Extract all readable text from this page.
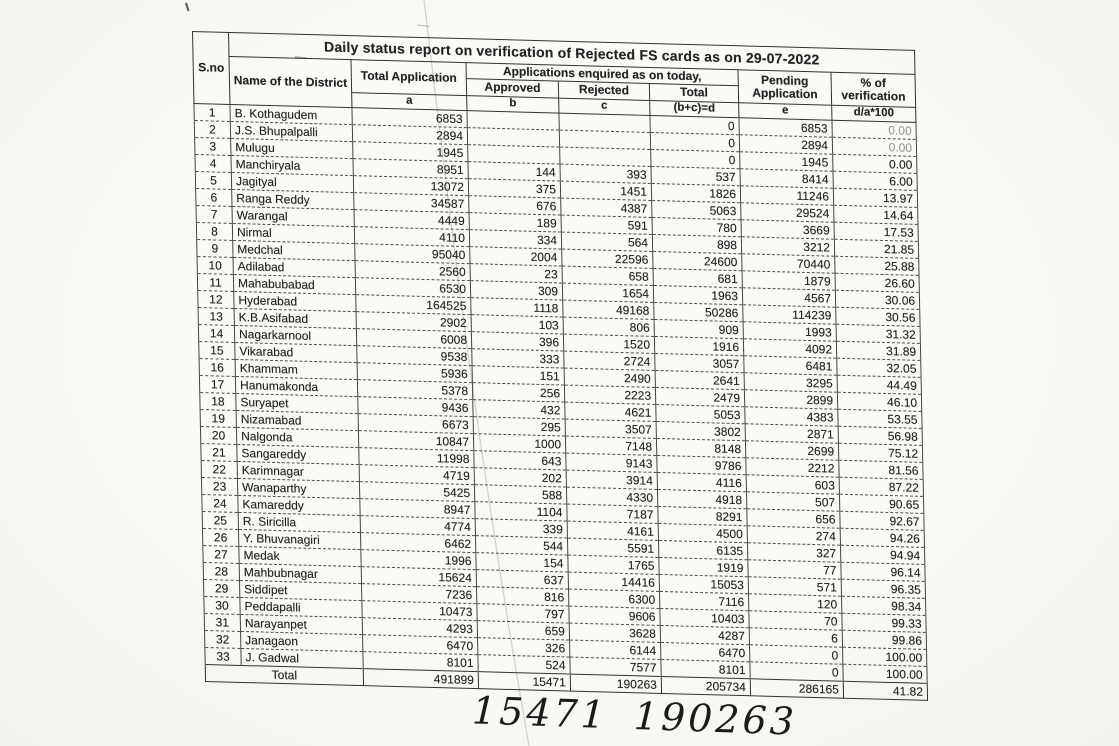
S.no	Daily status report on verification of Rejected FS cards as on 29-07-2022						
	Name of the District	Total Application	Applications enquired as on today,			Pending Application	% of verification
			Approved	Rejected	Total		
		a	b	c	(b+c)=d	e	d/a*100
1	B. Kothagudem	6853			0	6853	0.00
2	J.S. Bhupalpalli	2894			0	2894	0.00
3	Mulugu	1945			0	1945	0.00
4	Manchiryala	8951	144	393	537	8414	6.00
5	Jagityal	13072	375	1451	1826	11246	13.97
6	Ranga Reddy	34587	676	4387	5063	29524	14.64
7	Warangal	4449	189	591	780	3669	17.53
8	Nirmal	4110	334	564	898	3212	21.85
9	Medchal	95040	2004	22596	24600	70440	25.88
10	Adilabad	2560	23	658	681	1879	26.60
11	Mahabubabad	6530	309	1654	1963	4567	30.06
12	Hyderabad	164525	1118	49168	50286	114239	30.56
13	K.B.Asifabad	2902	103	806	909	1993	31.32
14	Nagarkarnool	6008	396	1520	1916	4092	31.89
15	Vikarabad	9538	333	2724	3057	6481	32.05
16	Khammam	5936	151	2490	2641	3295	44.49
17	Hanumakonda	5378	256	2223	2479	2899	46.10
18	Suryapet	9436	432	4621	5053	4383	53.55
19	Nizamabad	6673	295	3507	3802	2871	56.98
20	Nalgonda	10847	1000	7148	8148	2699	75.12
21	Sangareddy	11998	643	9143	9786	2212	81.56
22	Karimnagar	4719	202	3914	4116	603	87.22
23	Wanaparthy	5425	588	4330	4918	507	90.65
24	Kamareddy	8947	1104	7187	8291	656	92.67
25	R. Siricilla	4774	339	4161	4500	274	94.26
26	Y. Bhuvanagiri	6462	544	5591	6135	327	94.94
27	Medak	1996	154	1765	1919	77	96.14
28	Mahbubnagar	15624	637	14416	15053	571	96.35
29	Siddipet	7236	816	6300	7116	120	98.34
30	Peddapalli	10473	797	9606	10403	70	99.33
31	Narayanpet	4293	659	3628	4287	6	99.86
32	Janagaon	6470	326	6144	6470	0	100.00
33	J. Gadwal	8101	524	7577	8101	0	100.00
Total		491899	15471	190263	205734	286165	41.82
15471 190263
